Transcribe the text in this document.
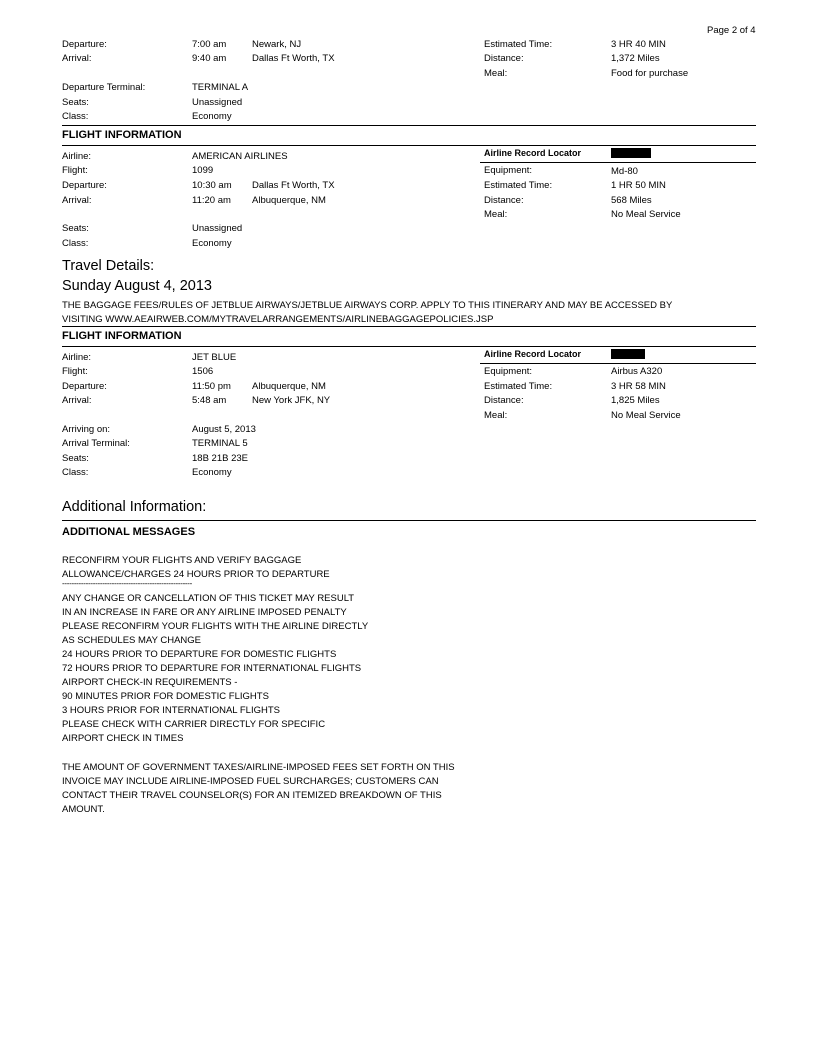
Page 2 of 4
Departure:	7:00 am	Newark, NJ
Arrival:	9:40 am	Dallas Ft Worth, TX
Estimated Time:	3 HR 40 MIN
Distance:	1,372 Miles
Meal:	Food for purchase
Departure Terminal:	TERMINAL A
Seats:	Unassigned
Class:	Economy
FLIGHT INFORMATION
Airline:	AMERICAN AIRLINES
Flight:	1099
Departure:	10:30 am Dallas Ft Worth, TX
Arrival:	11:20 am Albuquerque, NM
Airline Record Locator
Equipment:	Md-80
Estimated Time:	1 HR 50 MIN
Distance:	568 Miles
Meal:	No Meal Service
Seats:	Unassigned
Class:	Economy
Travel Details:
Sunday August 4, 2013
THE BAGGAGE FEES/RULES OF JETBLUE AIRWAYS/JETBLUE AIRWAYS CORP. APPLY TO THIS ITINERARY AND MAY BE ACCESSED BY
VISITING WWW.AEAIRWEB.COM/MYTRAVELARRANGEMENTS/AIRLINEBAGGAGEPOLICIES.JSP
FLIGHT INFORMATION
Airline:	JET BLUE
Flight:	1506
Departure:	11:50 pm Albuquerque, NM
Arrival:	5:48 am	New York JFK, NY
Airline Record Locator
Equipment:	Airbus A320
Estimated Time:	3 HR 58 MIN
Distance:	1,825 Miles
Meal:	No Meal Service
Arriving on:	August 5, 2013
Arrival Terminal:	TERMINAL 5
Seats:	18B 21B 23E
Class:	Economy
Additional Information:
ADDITIONAL MESSAGES
RECONFIRM YOUR FLIGHTS AND VERIFY BAGGAGE
ALLOWANCE/CHARGES 24 HOURS PRIOR TO DEPARTURE
-------------------------------------------------------
ANY CHANGE OR CANCELLATION OF THIS TICKET MAY RESULT
IN AN INCREASE IN FARE OR ANY AIRLINE IMPOSED PENALTY
PLEASE RECONFIRM YOUR FLIGHTS WITH THE AIRLINE DIRECTLY
AS SCHEDULES MAY CHANGE
24 HOURS PRIOR TO DEPARTURE FOR DOMESTIC FLIGHTS
72 HOURS PRIOR TO DEPARTURE FOR INTERNATIONAL FLIGHTS
AIRPORT CHECK-IN REQUIREMENTS -
90 MINUTES PRIOR FOR DOMESTIC FLIGHTS
3 HOURS PRIOR FOR INTERNATIONAL FLIGHTS
PLEASE CHECK WITH CARRIER DIRECTLY FOR SPECIFIC
AIRPORT CHECK IN TIMES
THE AMOUNT OF GOVERNMENT TAXES/AIRLINE-IMPOSED FEES SET FORTH ON THIS
INVOICE MAY INCLUDE AIRLINE-IMPOSED FUEL SURCHARGES; CUSTOMERS CAN
CONTACT THEIR TRAVEL COUNSELOR(S) FOR AN ITEMIZED BREAKDOWN OF THIS
AMOUNT.
